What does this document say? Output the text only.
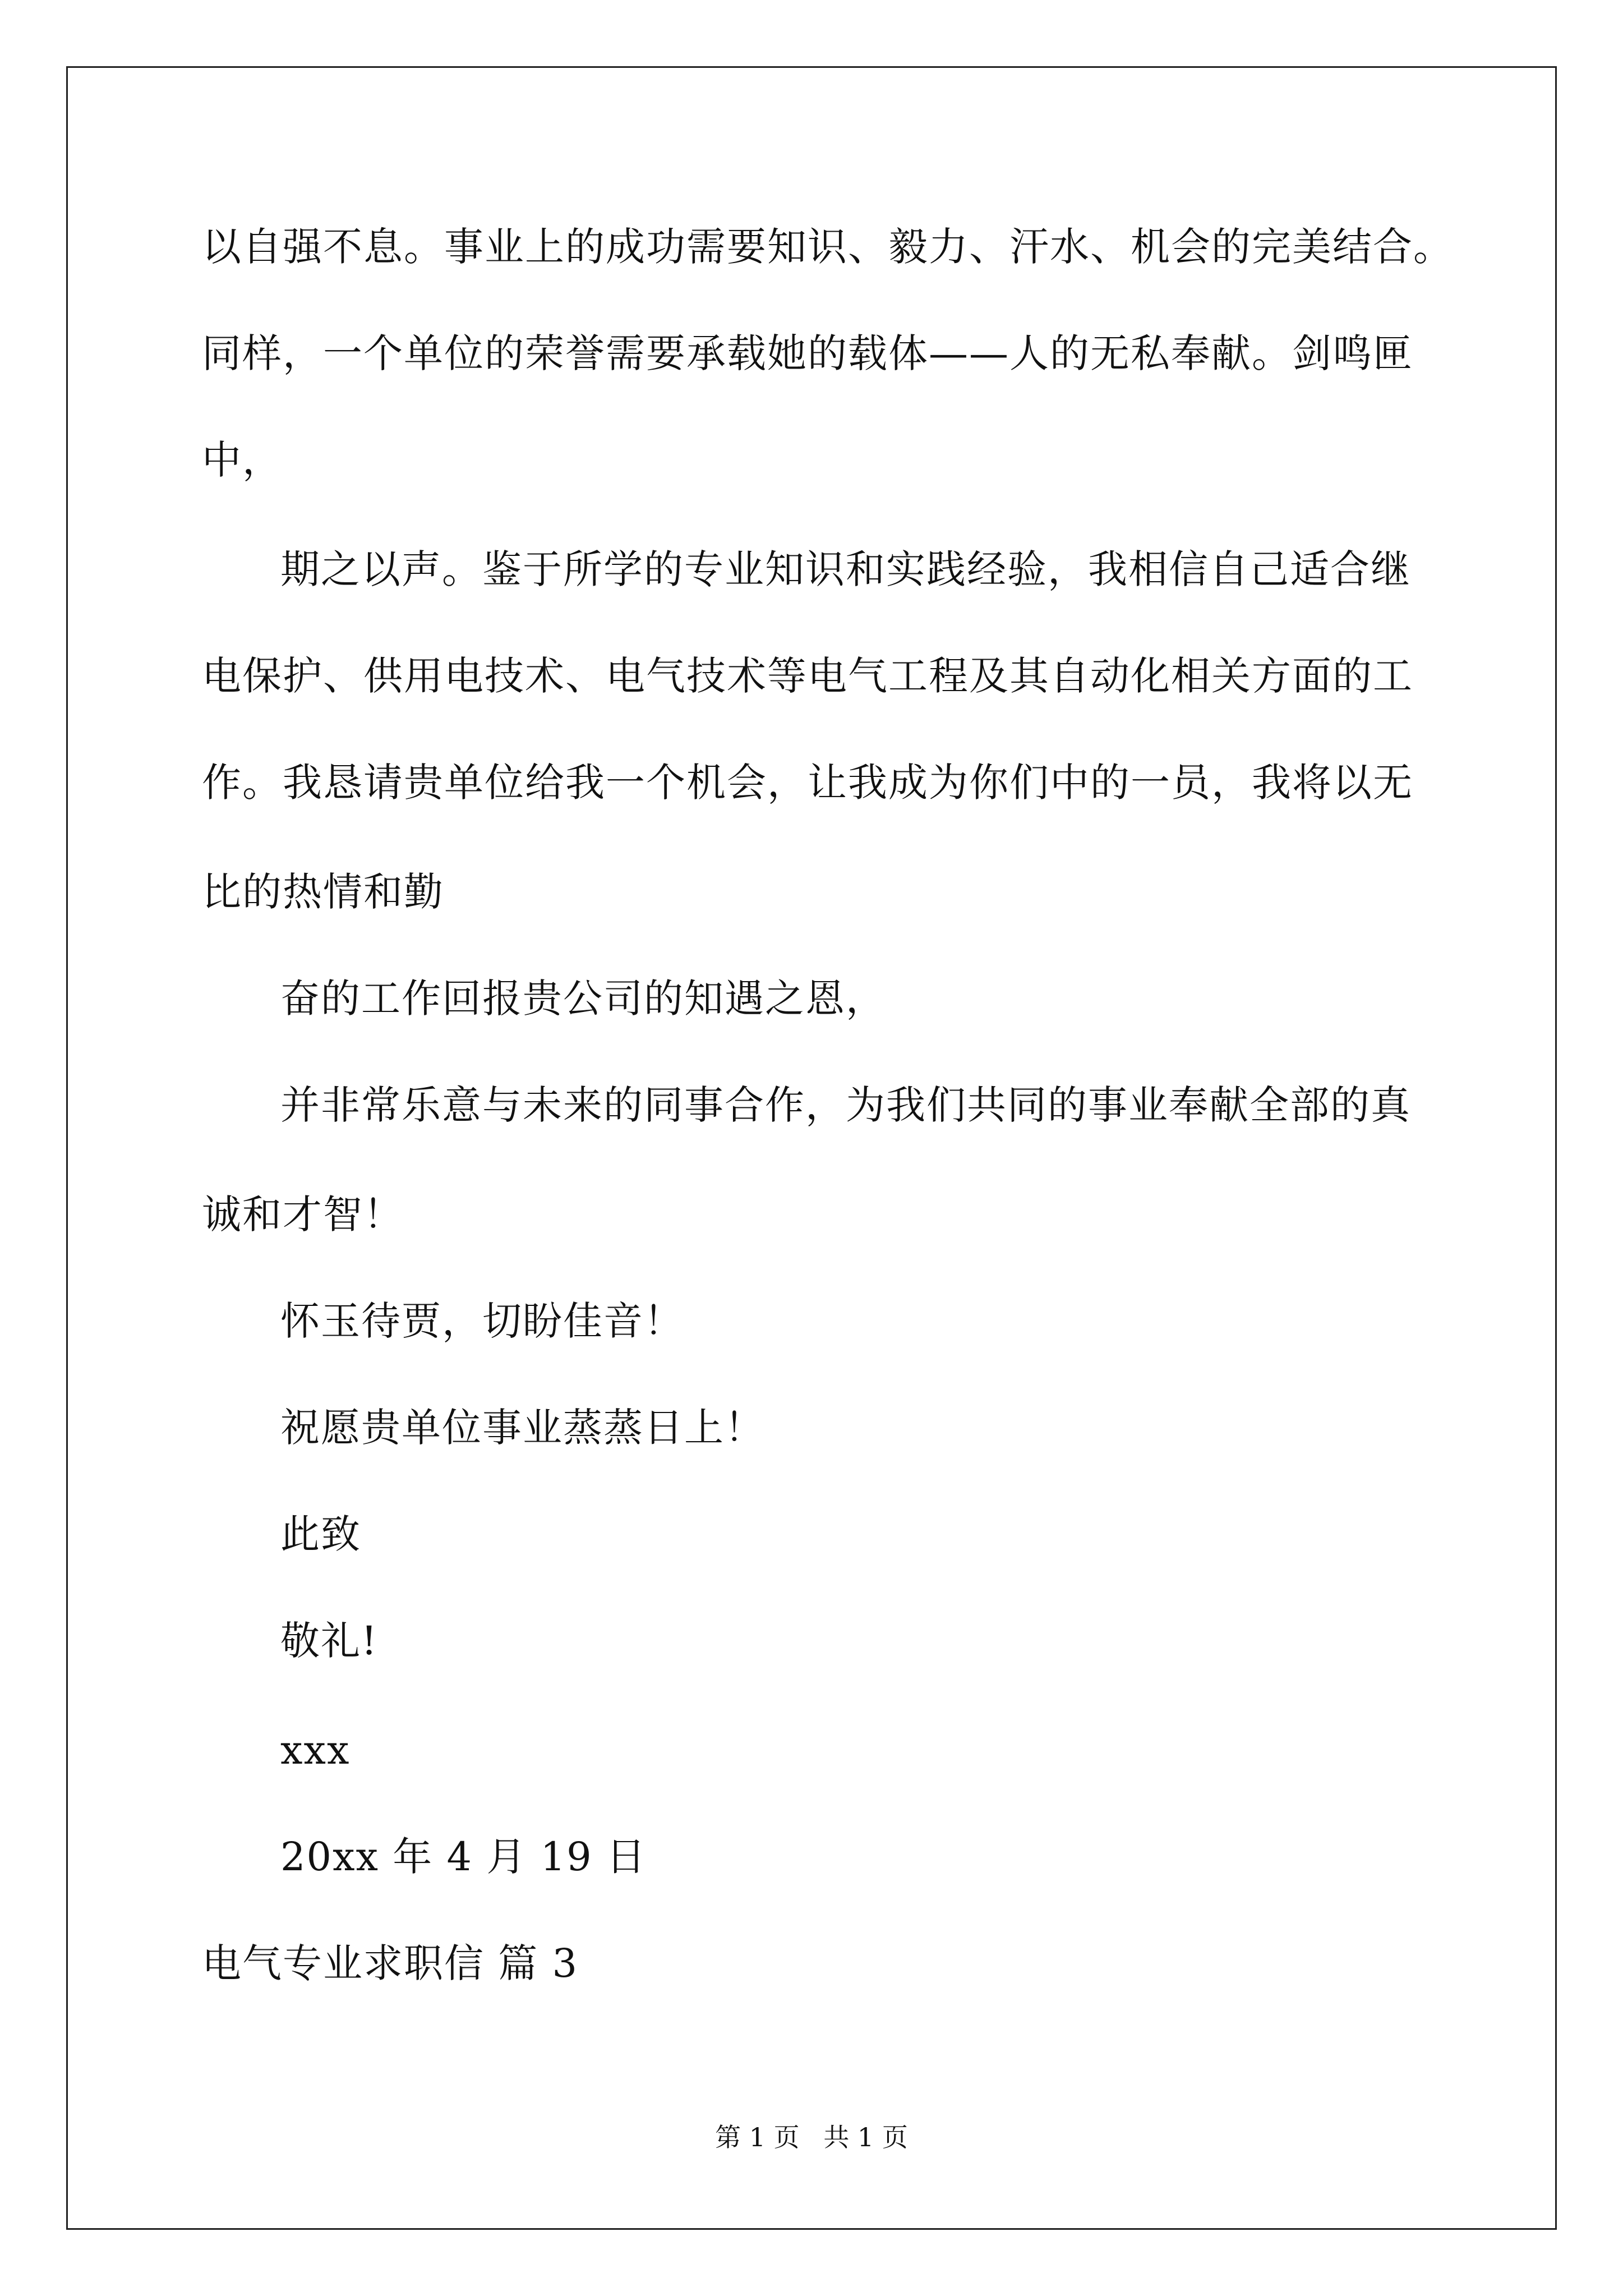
以自强不息。事业上的成功需要知识、毅力、汗水、机会的完美结合。
同样，一个单位的荣誉需要承载她的载体——人的无私奉献。剑鸣匣
中，
期之以声。鉴于所学的专业知识和实践经验，我相信自己适合继
电保护、供用电技术、电气技术等电气工程及其自动化相关方面的工
作。我恳请贵单位给我一个机会，让我成为你们中的一员，我将以无
比的热情和勤
奋的工作回报贵公司的知遇之恩，
并非常乐意与未来的同事合作，为我们共同的事业奉献全部的真
诚和才智！
怀玉待贾，切盼佳音！
祝愿贵单位事业蒸蒸日上！
此致
敬礼!
xxx
20xx 年 4 月 19 日
电气专业求职信 篇 3
第 1 页 共 1 页
